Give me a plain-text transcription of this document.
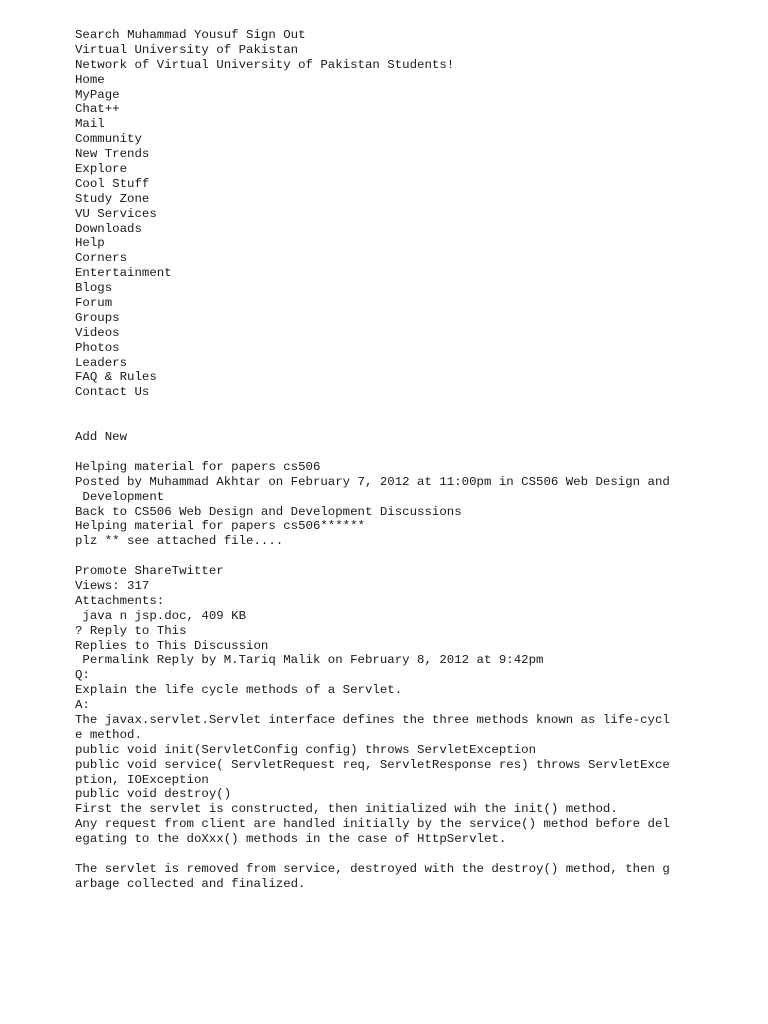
Search Muhammad Yousuf Sign Out
Virtual University of Pakistan
Network of Virtual University of Pakistan Students!
Home
MyPage
Chat++
Mail
Community
New Trends
Explore
Cool Stuff
Study Zone
VU Services
Downloads
Help
Corners
Entertainment
Blogs
Forum
Groups
Videos
Photos
Leaders
FAQ & Rules
Contact Us
Add New
Helping material for papers cs506
Posted by Muhammad Akhtar on February 7, 2012 at 11:00pm in CS506 Web Design and
Development
Back to CS506 Web Design and Development Discussions
Helping material for papers cs506******
plz ** see attached file....
Promote ShareTwitter
Views: 317
Attachments:
java n jsp.doc, 409 KB
? Reply to This
Replies to This Discussion
Permalink Reply by M.Tariq Malik on February 8, 2012 at 9:42pm
Q:
Explain the life cycle methods of a Servlet.
A:
The javax.servlet.Servlet interface defines the three methods known as life-cycl
e method.
public void init(ServletConfig config) throws ServletException
public void service( ServletRequest req, ServletResponse res) throws ServletExce
ption, IOException
public void destroy()
First the servlet is constructed, then initialized wih the init() method.
Any request from client are handled initially by the service() method before del
egating to the doXxx() methods in the case of HttpServlet.
The servlet is removed from service, destroyed with the destroy() method, then g
arbage collected and finalized.
